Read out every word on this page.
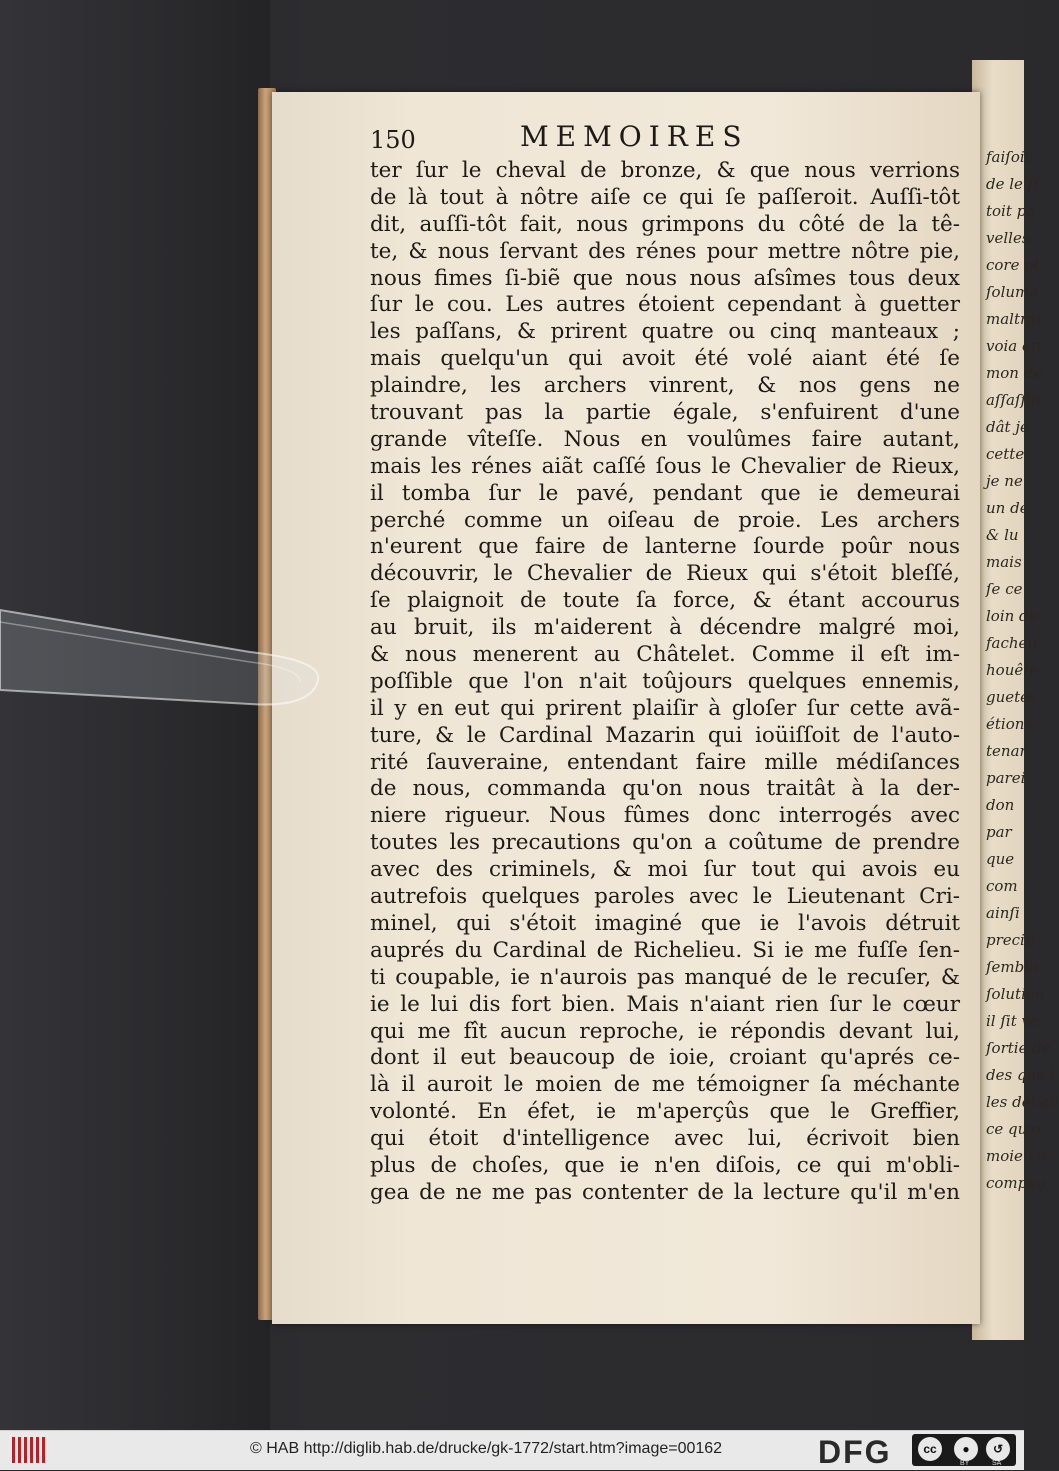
faiſoit
de le ſi
toit pa
velles
core pl
ſolume
maltrai
voia en
mon de
aſſaſſin
dât je
cette
je ne
un de
& lu
mais
ſe ce
loin de
facheu
houête
guetes
étions
tenan
parei
don
par
que
com
ainſi
precip
ſembla
ſolution
il ſit ve
ſortie de
des que l
les débau
ce qu'o
moien d
compag
150	MEMOIRES
ter ſur le cheval de bronze, & que nous verrions
de là tout à nôtre aiſe ce qui ſe paſſeroit. Auſſi-tôt
dit, auſſi-tôt fait, nous grimpons du côté de la tê-
te, & nous ſervant des rénes pour mettre nôtre pie,
nous fimes ſi-biẽ que nous nous aſsîmes tous deux
ſur le cou. Les autres étoient cependant à guetter
les paſſans, & prirent quatre ou cinq manteaux ;
mais quelqu'un qui avoit été volé aiant été ſe
plaindre, les archers vinrent, & nos gens ne
trouvant pas la partie égale, s'enfuirent d'une
grande vîteſſe. Nous en voulûmes faire autant,
mais les rénes aiãt caſſé ſous le Chevalier de Rieux,
il tomba ſur le pavé, pendant que ie demeurai
perché comme un oiſeau de proie. Les archers
n'eurent que faire de lanterne ſourde poûr nous
découvrir, le Chevalier de Rieux qui s'étoit bleſſé,
ſe plaignoit de toute ſa force, & étant accourus
au bruit, ils m'aiderent à décendre malgré moi,
& nous menerent au Châtelet. Comme il eſt im-
poſſible que l'on n'ait toûjours quelques ennemis,
il y en eut qui prirent plaiſir à gloſer ſur cette avã-
ture, & le Cardinal Mazarin qui ioüiſſoit de l'auto-
rité ſauveraine, entendant faire mille médiſances
de nous, commanda qu'on nous traitât à la der-
niere rigueur. Nous fûmes donc interrogés avec
toutes les precautions qu'on a coûtume de prendre
avec des criminels, & moi ſur tout qui avois eu
autrefois quelques paroles avec le Lieutenant Cri-
minel, qui s'étoit imaginé que ie l'avois détruit
auprés du Cardinal de Richelieu. Si ie me fuſſe ſen-
ti coupable, ie n'aurois pas manqué de le recuſer, &
ie le lui dis fort bien. Mais n'aiant rien ſur le cœur
qui me fît aucun reproche, ie répondis devant lui,
dont il eut beaucoup de ioie, croiant qu'aprés ce-
là il auroit le moien de me témoigner ſa méchante
volonté. En éfet, ie m'aperçûs que le Greffier,
qui étoit d'intelligence avec lui, écrivoit bien
plus de choſes, que ie n'en diſois, ce qui m'obli-
gea de ne me pas contenter de la lecture qu'il m'en
© HAB http://diglib.hab.de/drucke/gk-1772/start.htm?image=00162	DFG	cc	●	↺
BY	SA
